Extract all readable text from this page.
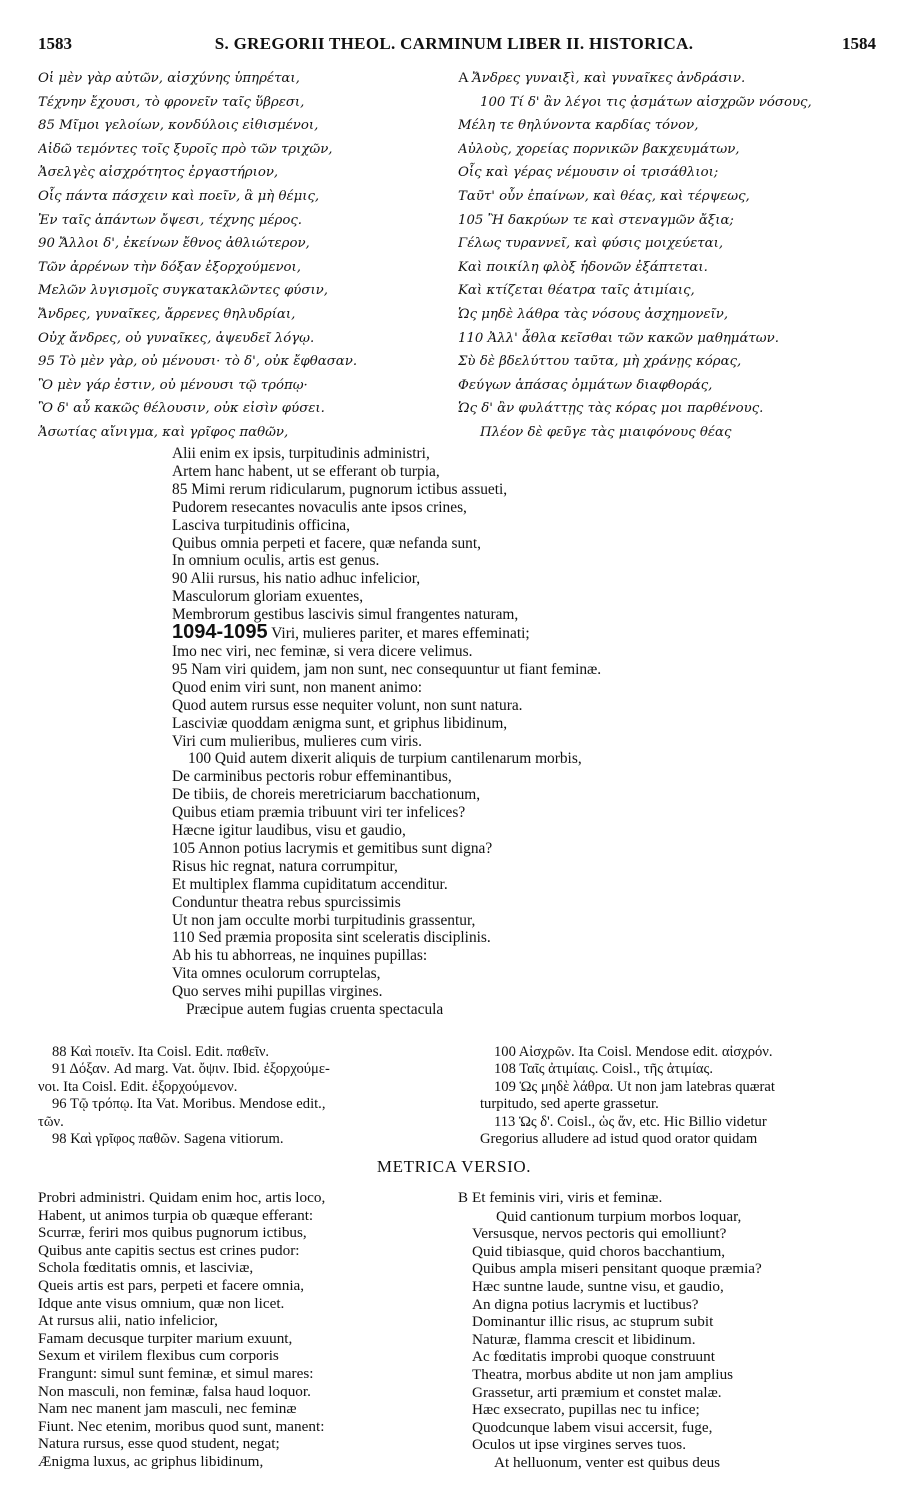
1583	S. GREGORII THEOL. CARMINUM LIBER II. HISTORICA.	1584
Οἱ μὲν γὰρ αὐτῶν, αἰσχύνης ὑπηρέται,
Τέχνην ἔχουσι, τὸ φρονεῖν ταῖς ὕβρεσι,
85 Μῖμοι γελοίων, κονδύλοις εἰθισμένοι,
Αἰδῶ τεμόντες τοῖς ξυροῖς πρὸ τῶν τριχῶν,
Ἀσελγὲς αἰσχρότητος ἐργαστήριον,
Οἷς πάντα πάσχειν καὶ ποεῖν, ἃ μὴ θέμις,
Ἐν ταῖς ἁπάντων ὄψεσι, τέχνης μέρος.
90 Ἄλλοι δ', ἐκείνων ἔθνος ἀθλιώτερον,
Τῶν ἀρρένων τὴν δόξαν ἐξορχούμενοι,
Μελῶν λυγισμοῖς συγκατακλῶντες φύσιν,
Ἄνδρες, γυναῖκες, ἄρρενες θηλυδρίαι,
Οὐχ ἄνδρες, οὐ γυναῖκες, ἀψευδεῖ λόγῳ.
95 Τὸ μὲν γὰρ, οὐ μένουσι· τὸ δ', οὐκ ἔφθασαν.
Ὃ μὲν γάρ ἐστιν, οὐ μένουσι τῷ τρόπῳ·
Ὃ δ' αὖ κακῶς θέλουσιν, οὐκ εἰσὶν φύσει.
Ἀσωτίας αἴνιγμα, καὶ γρῖφος παθῶν,
A Ἄνδρες γυναιξὶ, καὶ γυναῖκες ἀνδράσιν.
100 Τί δ' ἂν λέγοι τις ᾀσμάτων αἰσχρῶν νόσους,
Μέλη τε θηλύνοντα καρδίας τόνον,
Αὐλοὺς, χορείας πορνικῶν βακχευμάτων,
Οἷς καὶ γέρας νέμουσιν οἱ τρισάθλιοι;
Ταῦτ' οὖν ἐπαίνων, καὶ θέας, καὶ τέρψεως,
105 Ἢ δακρύων τε καὶ στεναγμῶν ἄξια;
Γέλως τυραννεῖ, καὶ φύσις μοιχεύεται,
Καὶ ποικίλη φλὸξ ἡδονῶν ἐξάπτεται.
Καὶ κτίζεται θέατρα ταῖς ἀτιμίαις,
Ὡς μηδὲ λάθρα τὰς νόσους ἀσχημονεῖν,
110 Ἀλλ' ἆθλα κεῖσθαι τῶν κακῶν μαθημάτων.
Σὺ δὲ βδελύττου ταῦτα, μὴ χράνῃς κόρας,
Φεύγων ἁπάσας ὀμμάτων διαφθοράς,
Ὡς δ' ἂν φυλάττῃς τὰς κόρας μοι παρθένους.
Πλέον δὲ φεῦγε τὰς μιαιφόνους θέας
Alii enim ex ipsis, turpitudinis administri,
Artem hanc habent, ut se efferant ob turpia,
85 Mimi rerum ridicularum, pugnorum ictibus assueti,
Pudorem resecantes novaculis ante ipsos crines,
Lasciva turpitudinis officina,
Quibus omnia perpeti et facere, quæ nefanda sunt,
In omnium oculis, artis est genus.
90 Alii rursus, his natio adhuc infelicior,
Masculorum gloriam exuentes,
Membrorum gestibus lascivis simul frangentes naturam,
1094-1095 Viri, mulieres pariter, et mares effeminati;
Imo nec viri, nec feminæ, si vera dicere velimus.
95 Nam viri quidem, jam non sunt, nec consequuntur ut fiant feminæ.
Quod enim viri sunt, non manent animo:
Quod autem rursus esse nequiter volunt, non sunt natura.
Lasciviæ quoddam ænigma sunt, et griphus libidinum,
Viri cum mulieribus, mulieres cum viris.
100 Quid autem dixerit aliquis de turpium cantilenarum morbis,
De carminibus pectoris robur effeminantibus,
De tibiis, de choreis meretriciarum bacchationum,
Quibus etiam præmia tribuunt viri ter infelices?
Hæcne igitur laudibus, visu et gaudio,
105 Annon potius lacrymis et gemitibus sunt digna?
Risus hic regnat, natura corrumpitur,
Et multiplex flamma cupiditatum accenditur.
Conduntur theatra rebus spurcissimis
Ut non jam occulte morbi turpitudinis grassentur,
110 Sed præmia proposita sint sceleratis disciplinis.
Ab his tu abhorreas, ne inquines pupillas:
Vita omnes oculorum corruptelas,
Quo serves mihi pupillas virgines.
Præcipue autem fugias cruenta spectacula
88 Καὶ ποιεῖν. Ita Coisl. Edit. παθεῖν.
91 Δόξαν. Ad marg. Vat. ὄψιν. Ibid. ἐξορχούμε-
νοι. Ita Coisl. Edit. ἐξορχούμενον.
96 Τῷ τρόπῳ. Ita Vat. Moribus. Mendose edit.,
τῶν.
98 Καὶ γρῖφος παθῶν. Sagena vitiorum.
100 Αἰσχρῶν. Ita Coisl. Mendose edit. αἰσχρόν.
108 Ταῖς ἀτιμίαις. Coisl., τῆς ἀτιμίας.
109 Ὡς μηδὲ λάθρα. Ut non jam latebras quærat
turpitudo, sed aperte grassetur.
113 Ὡς δ'. Coisl., ὡς ἄν, etc. Hic Billio videtur
Gregorius alludere ad istud quod orator quidam
METRICA VERSIO.
Probri administri. Quidam enim hoc, artis loco,
Habent, ut animos turpia ob quæque efferant:
Scurræ, feriri mos quibus pugnorum ictibus,
Quibus ante capitis sectus est crines pudor:
Schola fœditatis omnis, et lasciviæ,
Queis artis est pars, perpeti et facere omnia,
Idque ante visus omnium, quæ non licet.
At rursus alii, natio infelicior,
Famam decusque turpiter marium exuunt,
Sexum et virilem flexibus cum corporis
Frangunt: simul sunt feminæ, et simul mares:
Non masculi, non feminæ, falsa haud loquor.
Nam nec manent jam masculi, nec feminæ
Fiunt. Nec etenim, moribus quod sunt, manent:
Natura rursus, esse quod student, negat;
Ænigma luxus, ac griphus libidinum,
B Et feminis viri, viris et feminæ.
Quid cantionum turpium morbos loquar,
Versusque, nervos pectoris qui emolliunt?
Quid tibiasque, quid choros bacchantium,
Quibus ampla miseri pensitant quoque præmia?
Hæc suntne laude, suntne visu, et gaudio,
An digna potius lacrymis et luctibus?
Dominantur illic risus, ac stuprum subit
Naturæ, flamma crescit et libidinum.
Ac fœditatis improbi quoque construunt
Theatra, morbus abdite ut non jam amplius
Grassetur, arti præmium et constet malæ.
Hæc exsecrato, pupillas nec tu infice;
Quodcunque labem visui accersit, fuge,
Oculos ut ipse virgines serves tuos.
At helluonum, venter est quibus deus
